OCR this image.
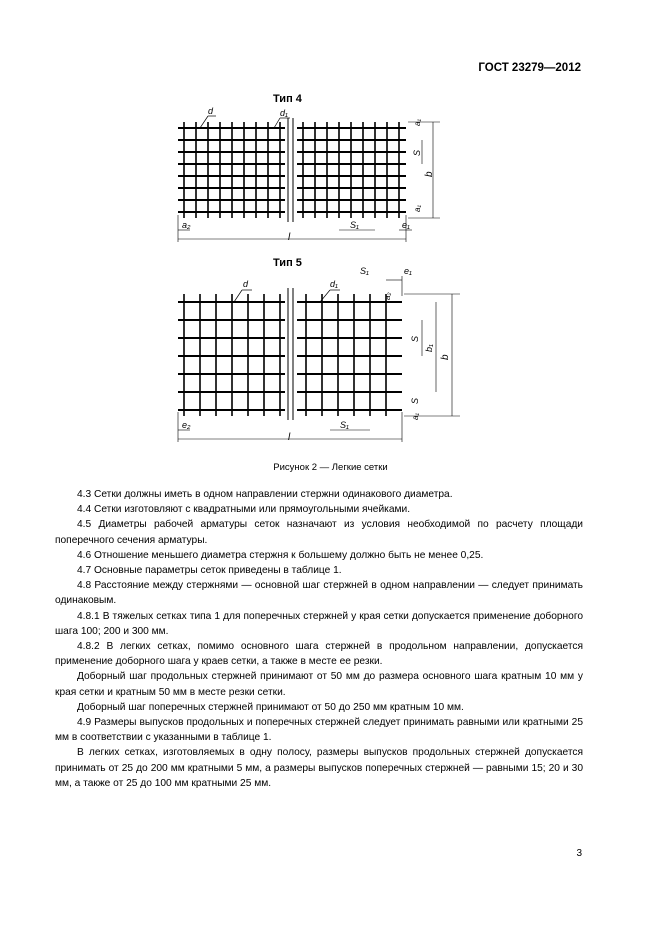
ГОСТ 23279—2012
Тип 4
d	d₁
a₁
S
b
a₁
a₂
l
S₁	e₁
Тип 5
d	d₁
S₁	e₁
a₂
S
b₁
b
S
a₁
e₂
l
S₁
Рисунок 2 — Легкие сетки

4.3 Сетки должны иметь в одном направлении стержни одинакового диаметра.

4.4 Сетки изготовляют с квадратными или прямоугольными ячейками.

4.5 Диаметры рабочей арматуры сеток назначают из условия необходимой по расчету площади поперечного сечения арматуры.

4.6 Отношение меньшего диаметра стержня к большему должно быть не менее 0,25.

4.7 Основные параметры сеток приведены в таблице 1.

4.8 Расстояние между стержнями — основной шаг стержней в одном направлении — следует принимать одинаковым.

4.8.1 В тяжелых сетках типа 1 для поперечных стержней у края сетки допускается применение доборного шага 100; 200 и 300 мм.

4.8.2 В легких сетках, помимо основного шага стержней в продольном направлении, допускается применение доборного шага у краев сетки, а также в месте ее резки.

Доборный шаг продольных стержней принимают от 50 мм до размера основного шага кратным 10 мм у края сетки и кратным 50 мм в месте резки сетки.

Доборный шаг поперечных стержней принимают от 50 до 250 мм кратным 10 мм.

4.9 Размеры выпусков продольных и поперечных стержней следует принимать равными или кратными 25 мм в соответствии с указанными в таблице 1.

В легких сетках, изготовляемых в одну полосу, размеры выпусков продольных стержней допускается принимать от 25 до 200 мм кратными 5 мм, а размеры выпусков поперечных стержней — равными 15; 20 и 30 мм, а также от 25 до 100 мм кратными 25 мм.

3
